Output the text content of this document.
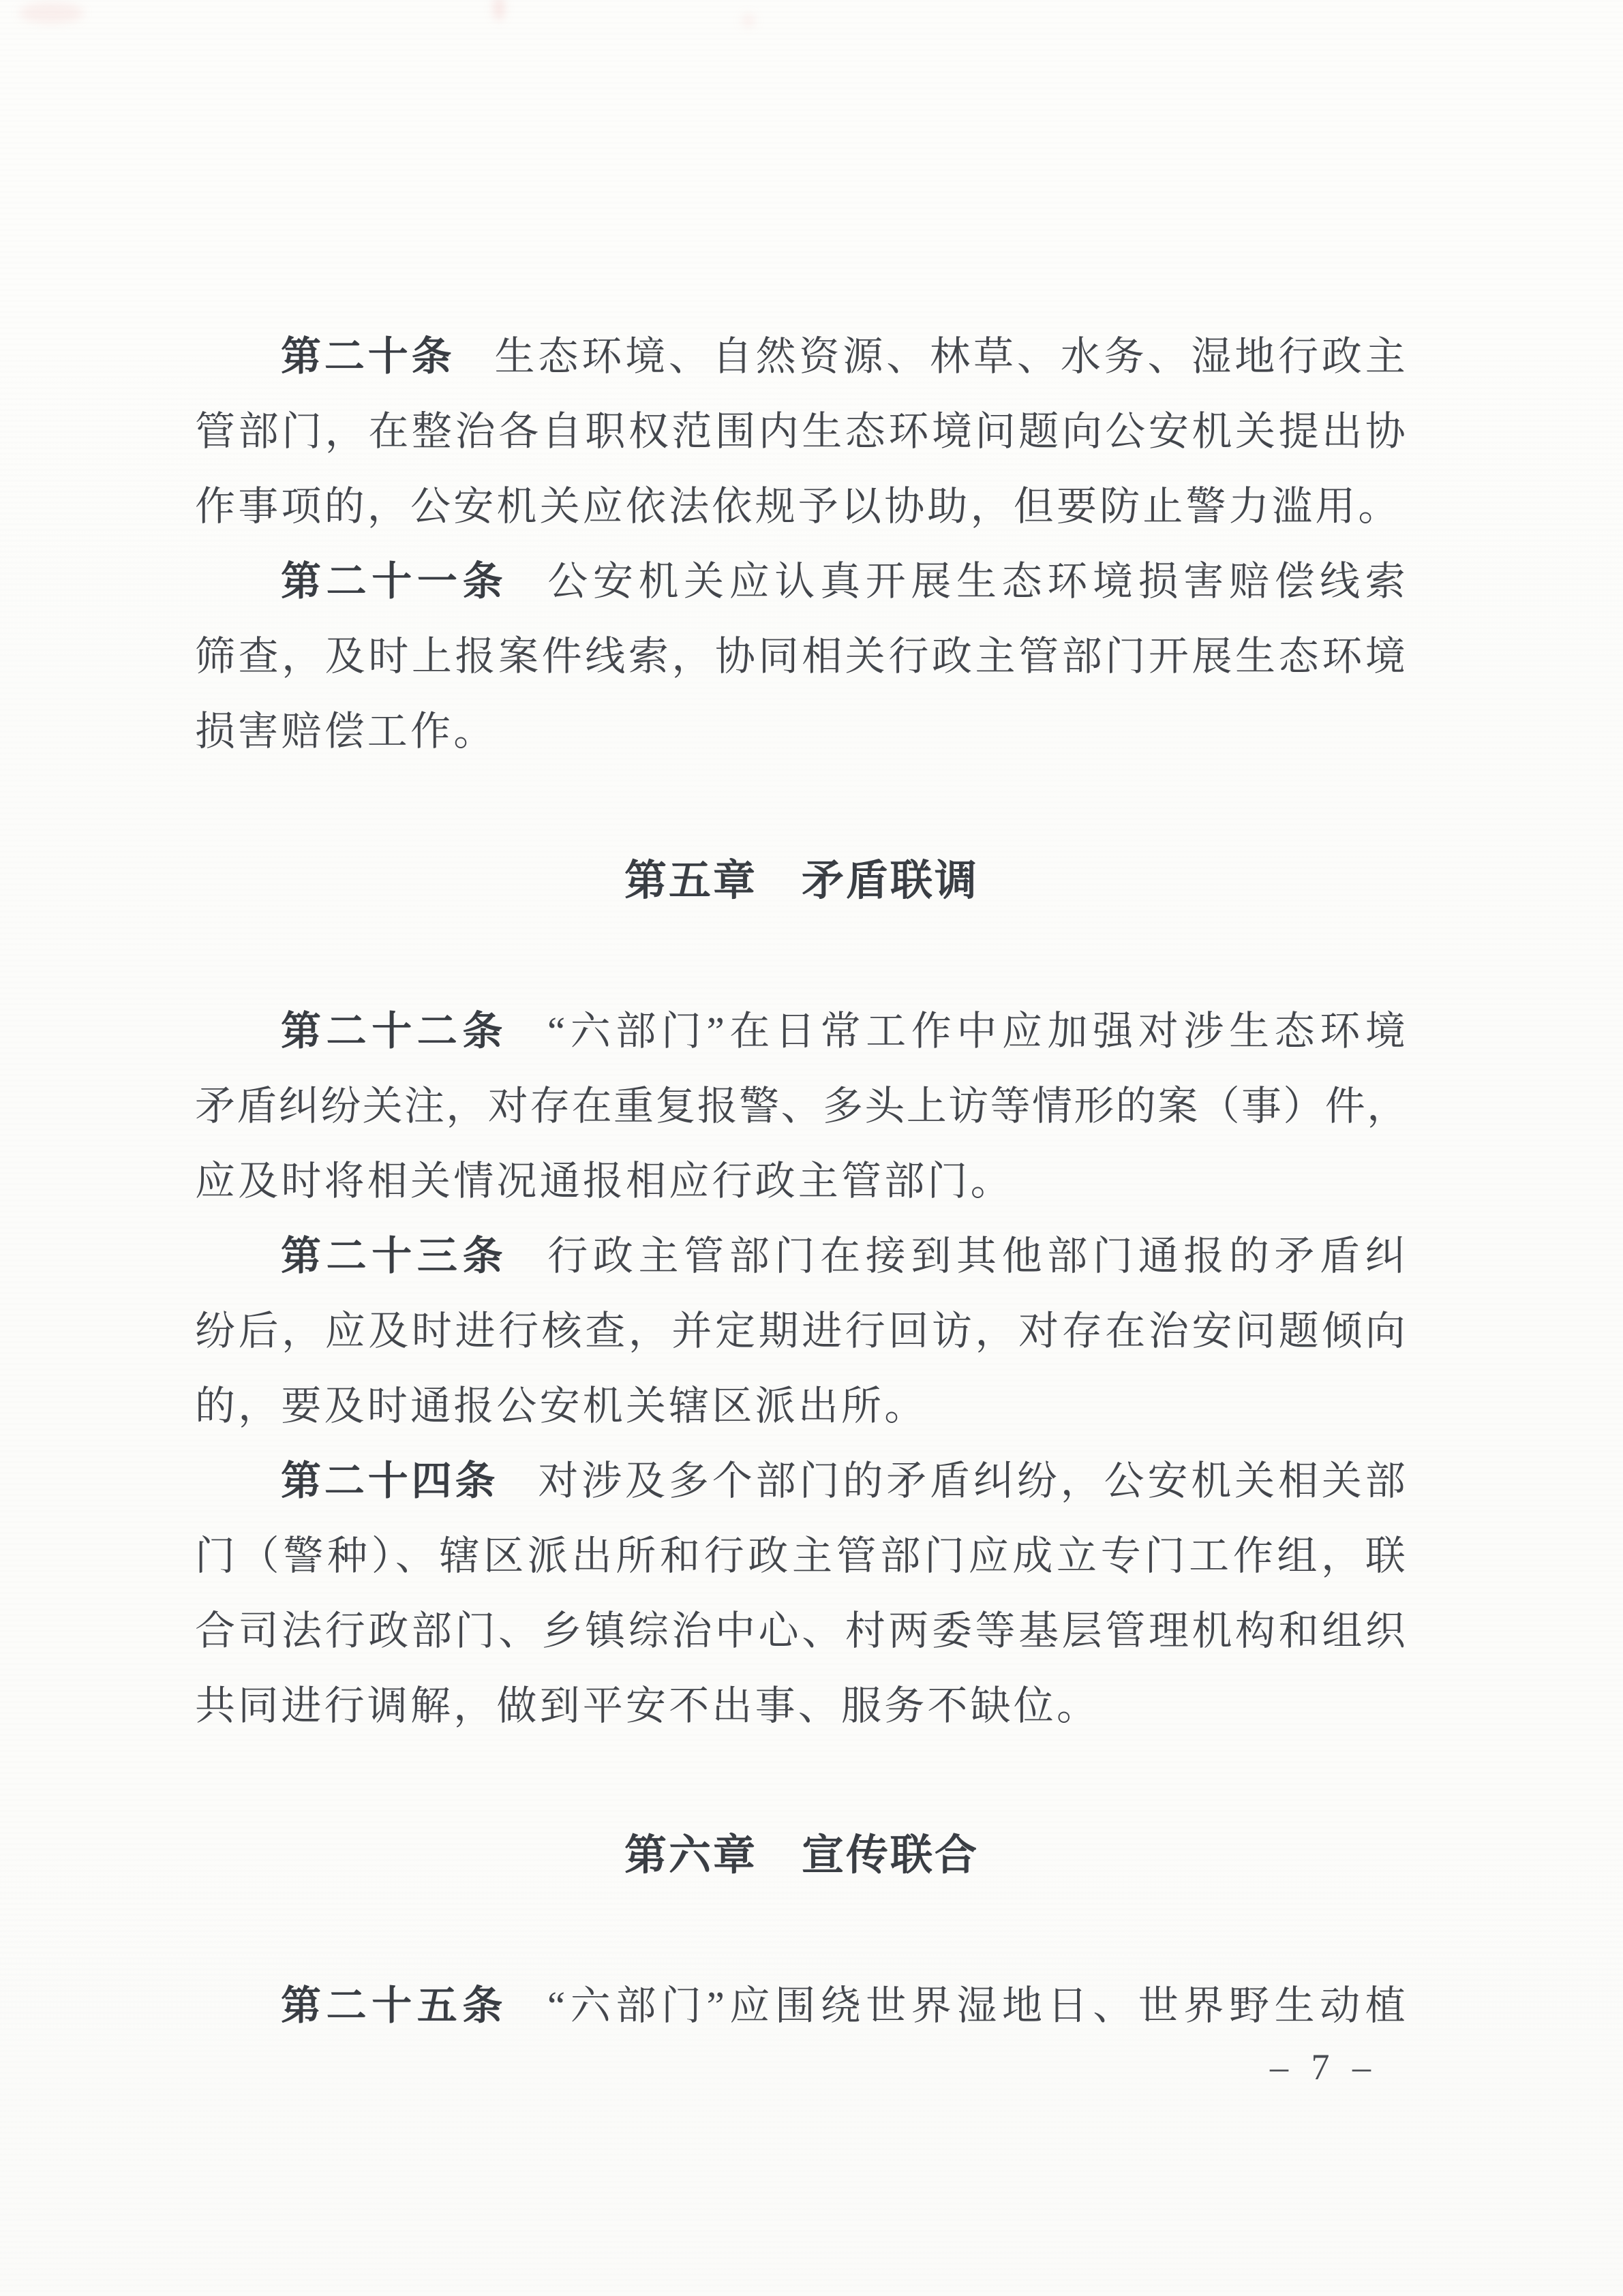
第二十条 生态环境、自然资源、林草、水务、湿地行政主
管部门，在整治各自职权范围内生态环境问题向公安机关提出协
作事项的，公安机关应依法依规予以协助，但要防止警力滥用。
第二十一条 公安机关应认真开展生态环境损害赔偿线索
筛查，及时上报案件线索，协同相关行政主管部门开展生态环境
损害赔偿工作。
第五章　矛盾联调
第二十二条 “六部门”在日常工作中应加强对涉生态环境
矛盾纠纷关注，对存在重复报警、多头上访等情形的案（事）件，
应及时将相关情况通报相应行政主管部门。
第二十三条 行政主管部门在接到其他部门通报的矛盾纠
纷后，应及时进行核查，并定期进行回访，对存在治安问题倾向
的，要及时通报公安机关辖区派出所。
第二十四条 对涉及多个部门的矛盾纠纷，公安机关相关部
门（警种）、辖区派出所和行政主管部门应成立专门工作组，联
合司法行政部门、乡镇综治中心、村两委等基层管理机构和组织
共同进行调解，做到平安不出事、服务不缺位。
第六章　宣传联合
第二十五条 “六部门”应围绕世界湿地日、世界野生动植
– 7 –
